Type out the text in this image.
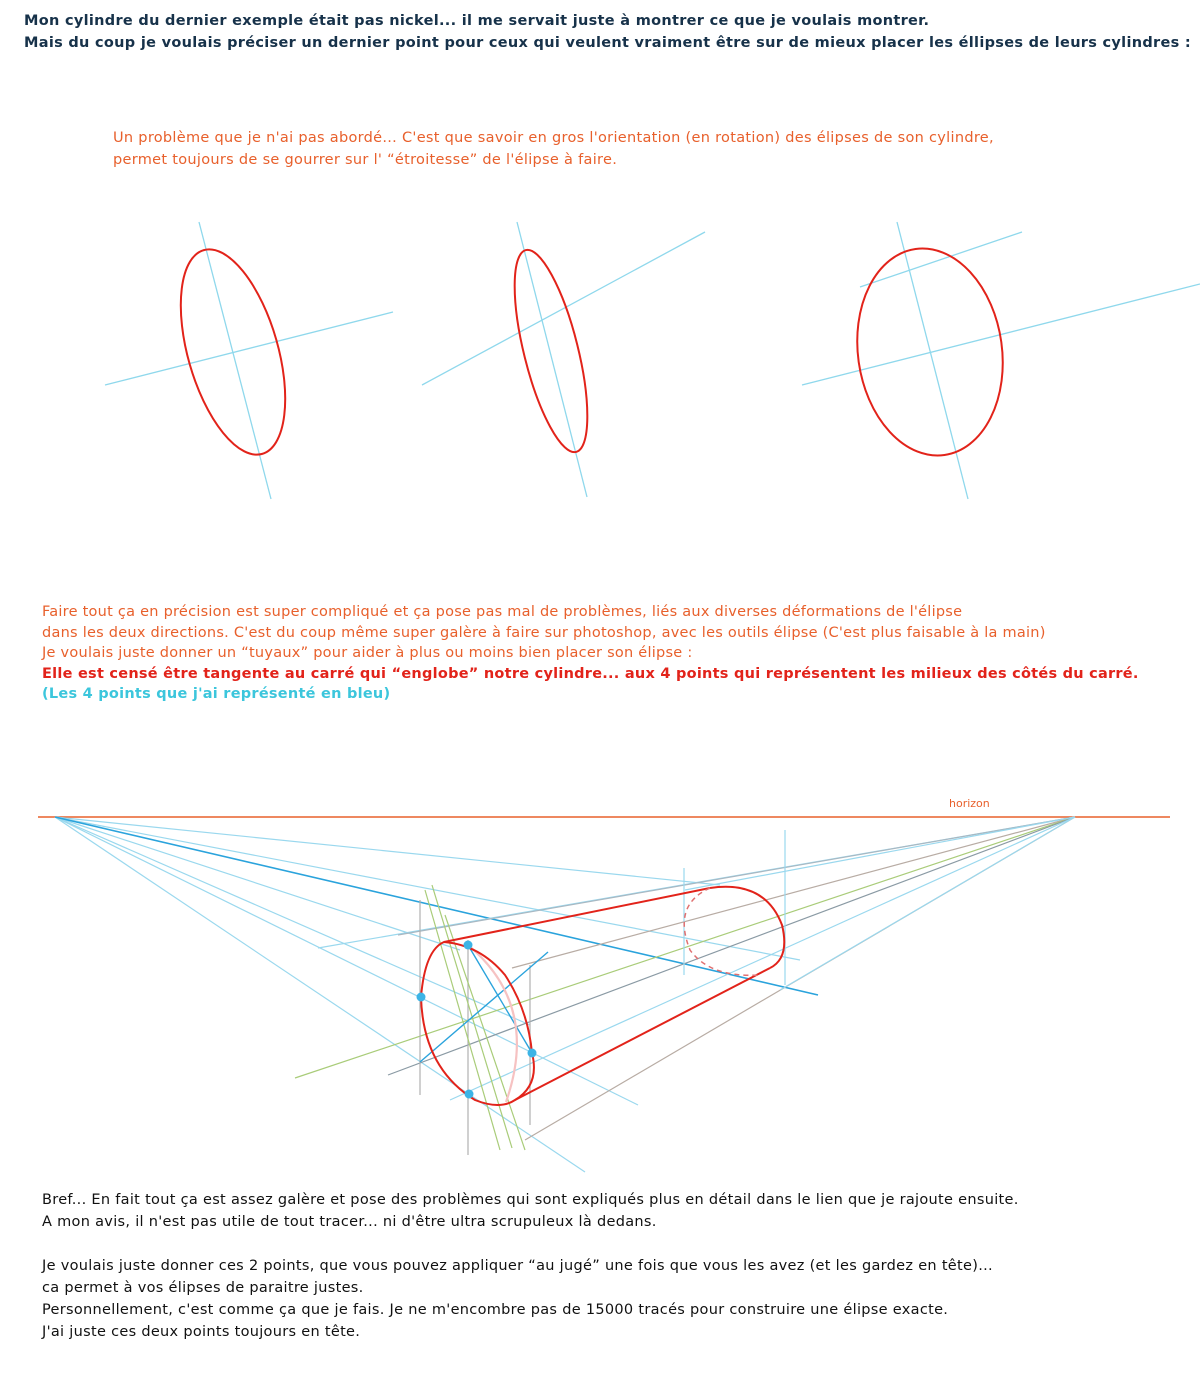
Mon cylindre du dernier exemple était pas nickel... il me servait juste à montrer ce que je voulais montrer.
Mais du coup je voulais préciser un dernier point pour ceux qui veulent vraiment être sur de mieux placer les éllipses de leurs cylindres :
Un problème que je n'ai pas abordé... C'est que savoir en gros l'orientation (en rotation) des élipses de son cylindre,
permet toujours de se gourrer sur l' “étroitesse” de l'élipse à faire.
Faire tout ça en précision est super compliqué et ça pose pas mal de problèmes, liés aux diverses déformations de l'élipse
dans les deux directions. C'est du coup même super galère à faire sur photoshop, avec les outils élipse (C'est plus faisable à la main)
Je voulais juste donner un “tuyaux” pour aider à plus ou moins bien placer son élipse :
Elle est censé être tangente au carré qui “englobe” notre cylindre... aux 4 points qui représentent les milieux des côtés du carré.
(Les 4 points que j'ai représenté en bleu)
horizon
Bref... En fait tout ça est assez galère et pose des problèmes qui sont expliqués plus en détail dans le lien que je rajoute ensuite.
A mon avis, il n'est pas utile de tout tracer... ni d'être ultra scrupuleux là dedans.
Je voulais juste donner ces 2 points, que vous pouvez appliquer “au jugé” une fois que vous les avez (et les gardez en tête)...
ca permet à vos élipses de paraitre justes.
Personnellement, c'est comme ça que je fais. Je ne m'encombre pas de 15000 tracés pour construire une élipse exacte.
J'ai juste ces deux points toujours en tête.
